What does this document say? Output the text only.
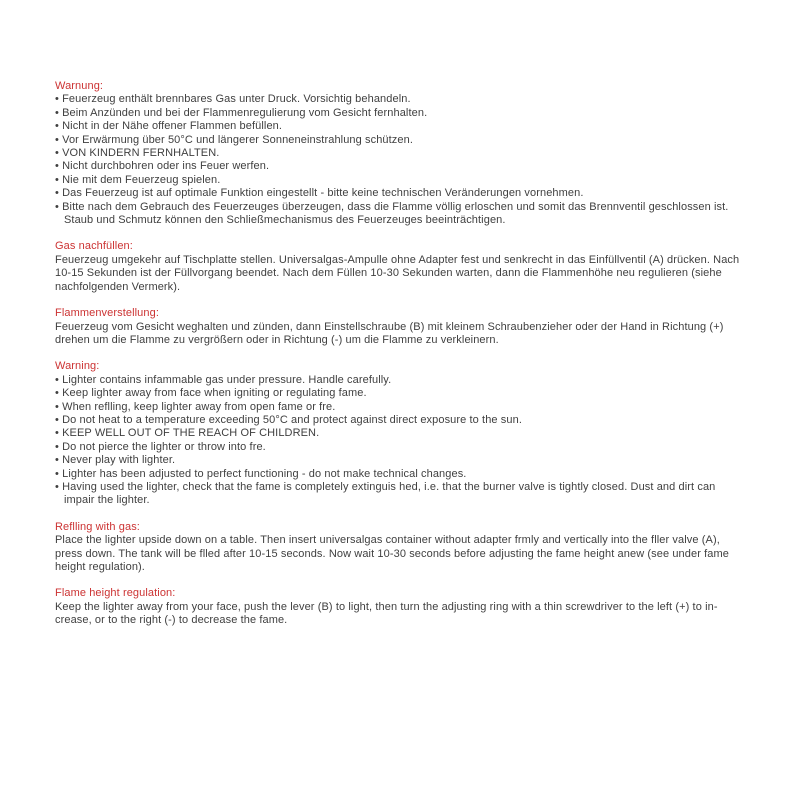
Warnung:
• Feuerzeug enthält brennbares Gas unter Druck. Vorsichtig behandeln.
• Beim Anzünden und bei der Flammenregulierung vom Gesicht fernhalten.
• Nicht in der Nähe offener Flammen befüllen.
• Vor Erwärmung über 50°C und längerer Sonneneinstrahlung schützen.
• VON KINDERN FERNHALTEN.
• Nicht durchbohren oder ins Feuer werfen.
• Nie mit dem Feuerzeug spielen.
• Das Feuerzeug ist auf optimale Funktion eingestellt - bitte keine technischen Veränderungen vornehmen.
• Bitte nach dem Gebrauch des Feuerzeuges überzeugen, dass die Flamme völlig erloschen und somit das Brennventil geschlossen ist. Staub und Schmutz können den Schließmechanismus des Feuerzeuges beeinträchtigen.
Gas nachfüllen:
Feuerzeug umgekehr auf Tischplatte stellen. Universalgas-Ampulle ohne Adapter fest und senkrecht in das Einfüllventil (A) drücken. Nach 10-15 Sekunden ist der Füllvorgang beendet. Nach dem Füllen 10-30 Sekunden warten, dann die Flammenhöhe neu regulieren (siehe nachfolgenden Vermerk).
Flammenverstellung:
Feuerzeug vom Gesicht weghalten und zünden, dann Einstellschraube (B) mit kleinem Schraubenzieher oder der Hand in Richtung (+) drehen um die Flamme zu vergrößern oder in Richtung (-) um die Flamme zu verkleinern.
Warning:
• Lighter contains infammable gas under pressure. Handle carefully.
• Keep lighter away from face when igniting or regulating fame.
• When reflling, keep lighter away from open fame or fre.
• Do not heat to a temperature exceeding 50°C and protect against direct exposure to the sun.
• KEEP WELL OUT OF THE REACH OF CHILDREN.
• Do not pierce the lighter or throw into fre.
• Never play with lighter.
• Lighter has been adjusted to perfect functioning - do not make technical changes.
• Having used the lighter, check that the fame is completely extinguis hed, i.e. that the burner valve is tightly closed. Dust and dirt can impair the lighter.
Reflling with gas:
Place the lighter upside down on a table. Then insert universalgas container without adapter frmly and vertically into the fller valve (A), press down. The tank will be flled after 10-15 seconds. Now wait 10-30 seconds before adjusting the fame height anew (see under fame height regulation).
Flame height regulation:
Keep the lighter away from your face, push the lever (B) to light, then turn the adjusting ring with a thin screwdriver to the left (+) to in-crease, or to the right (-) to decrease the fame.
